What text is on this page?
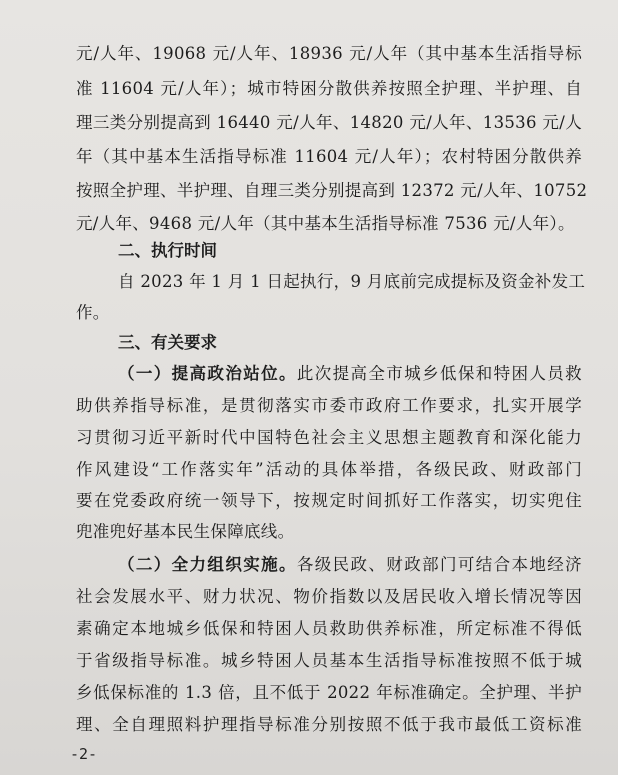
元/人年、19068 元/人年、18936 元/人年（其中基本生活指导标
准 11604 元/人年）；城市特困分散供养按照全护理、半护理、自
理三类分别提高到 16440 元/人年、14820 元/人年、13536 元/人
年（其中基本生活指导标准 11604 元/人年）；农村特困分散供养
按照全护理、半护理、自理三类分别提高到 12372 元/人年、10752
元/人年、9468 元/人年（其中基本生活指导标准 7536 元/人年）。
二、执行时间
自 2023 年 1 月 1 日起执行，9 月底前完成提标及资金补发工
作。
三、有关要求
（一）提高政治站位。此次提高全市城乡低保和特困人员救
助供养指导标准，是贯彻落实市委市政府工作要求，扎实开展学
习贯彻习近平新时代中国特色社会主义思想主题教育和深化能力
作风建设“工作落实年”活动的具体举措，各级民政、财政部门
要在党委政府统一领导下，按规定时间抓好工作落实，切实兜住
兜准兜好基本民生保障底线。
（二）全力组织实施。各级民政、财政部门可结合本地经济
社会发展水平、财力状况、物价指数以及居民收入增长情况等因
素确定本地城乡低保和特困人员救助供养标准，所定标准不得低
于省级指导标准。城乡特困人员基本生活指导标准按照不低于城
乡低保标准的 1.3 倍，且不低于 2022 年标准确定。全护理、半护
理、全自理照料护理指导标准分别按照不低于我市最低工资标准
-2-
